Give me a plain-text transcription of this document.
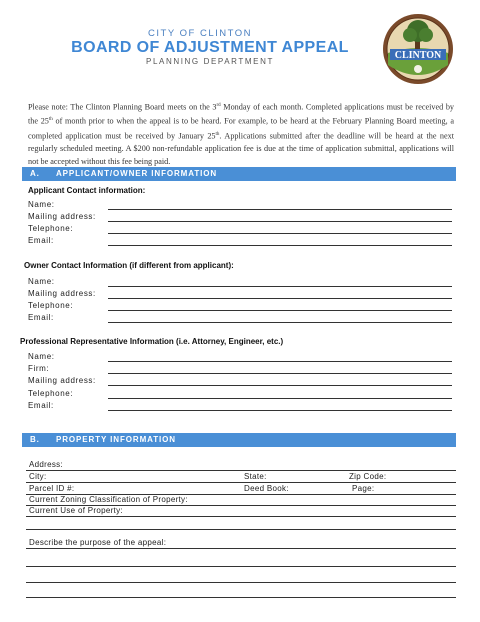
CITY OF CLINTON
BOARD OF ADJUSTMENT APPEAL
PLANNING DEPARTMENT
CLINTON
Please note: The Clinton Planning Board meets on the 3rd Monday of each month. Completed applications must be received by the 25th of month prior to when the appeal is to be heard. For example, to be heard at the February Planning Board meeting, a completed application must be received by January 25th. Applications submitted after the deadline will be heard at the next regularly scheduled meeting. A $200 non-refundable application fee is due at the time of application submittal, applications will not be accepted without this fee being paid.
A. APPLICANT/OWNER INFORMATION
Applicant Contact information:
Name:
Mailing address:
Telephone:
Email:
Owner Contact Information (if different from applicant):
Name:
Mailing address:
Telephone:
Email:
Professional Representative Information (i.e. Attorney, Engineer, etc.)
Name:
Firm:
Mailing address:
Telephone:
Email:
B. PROPERTY INFORMATION
Address:
City:	State:	Zip Code:
Parcel ID #:	Deed Book:	Page:
Current Zoning Classification of Property:
Current Use of Property:
Describe the purpose of the appeal:
